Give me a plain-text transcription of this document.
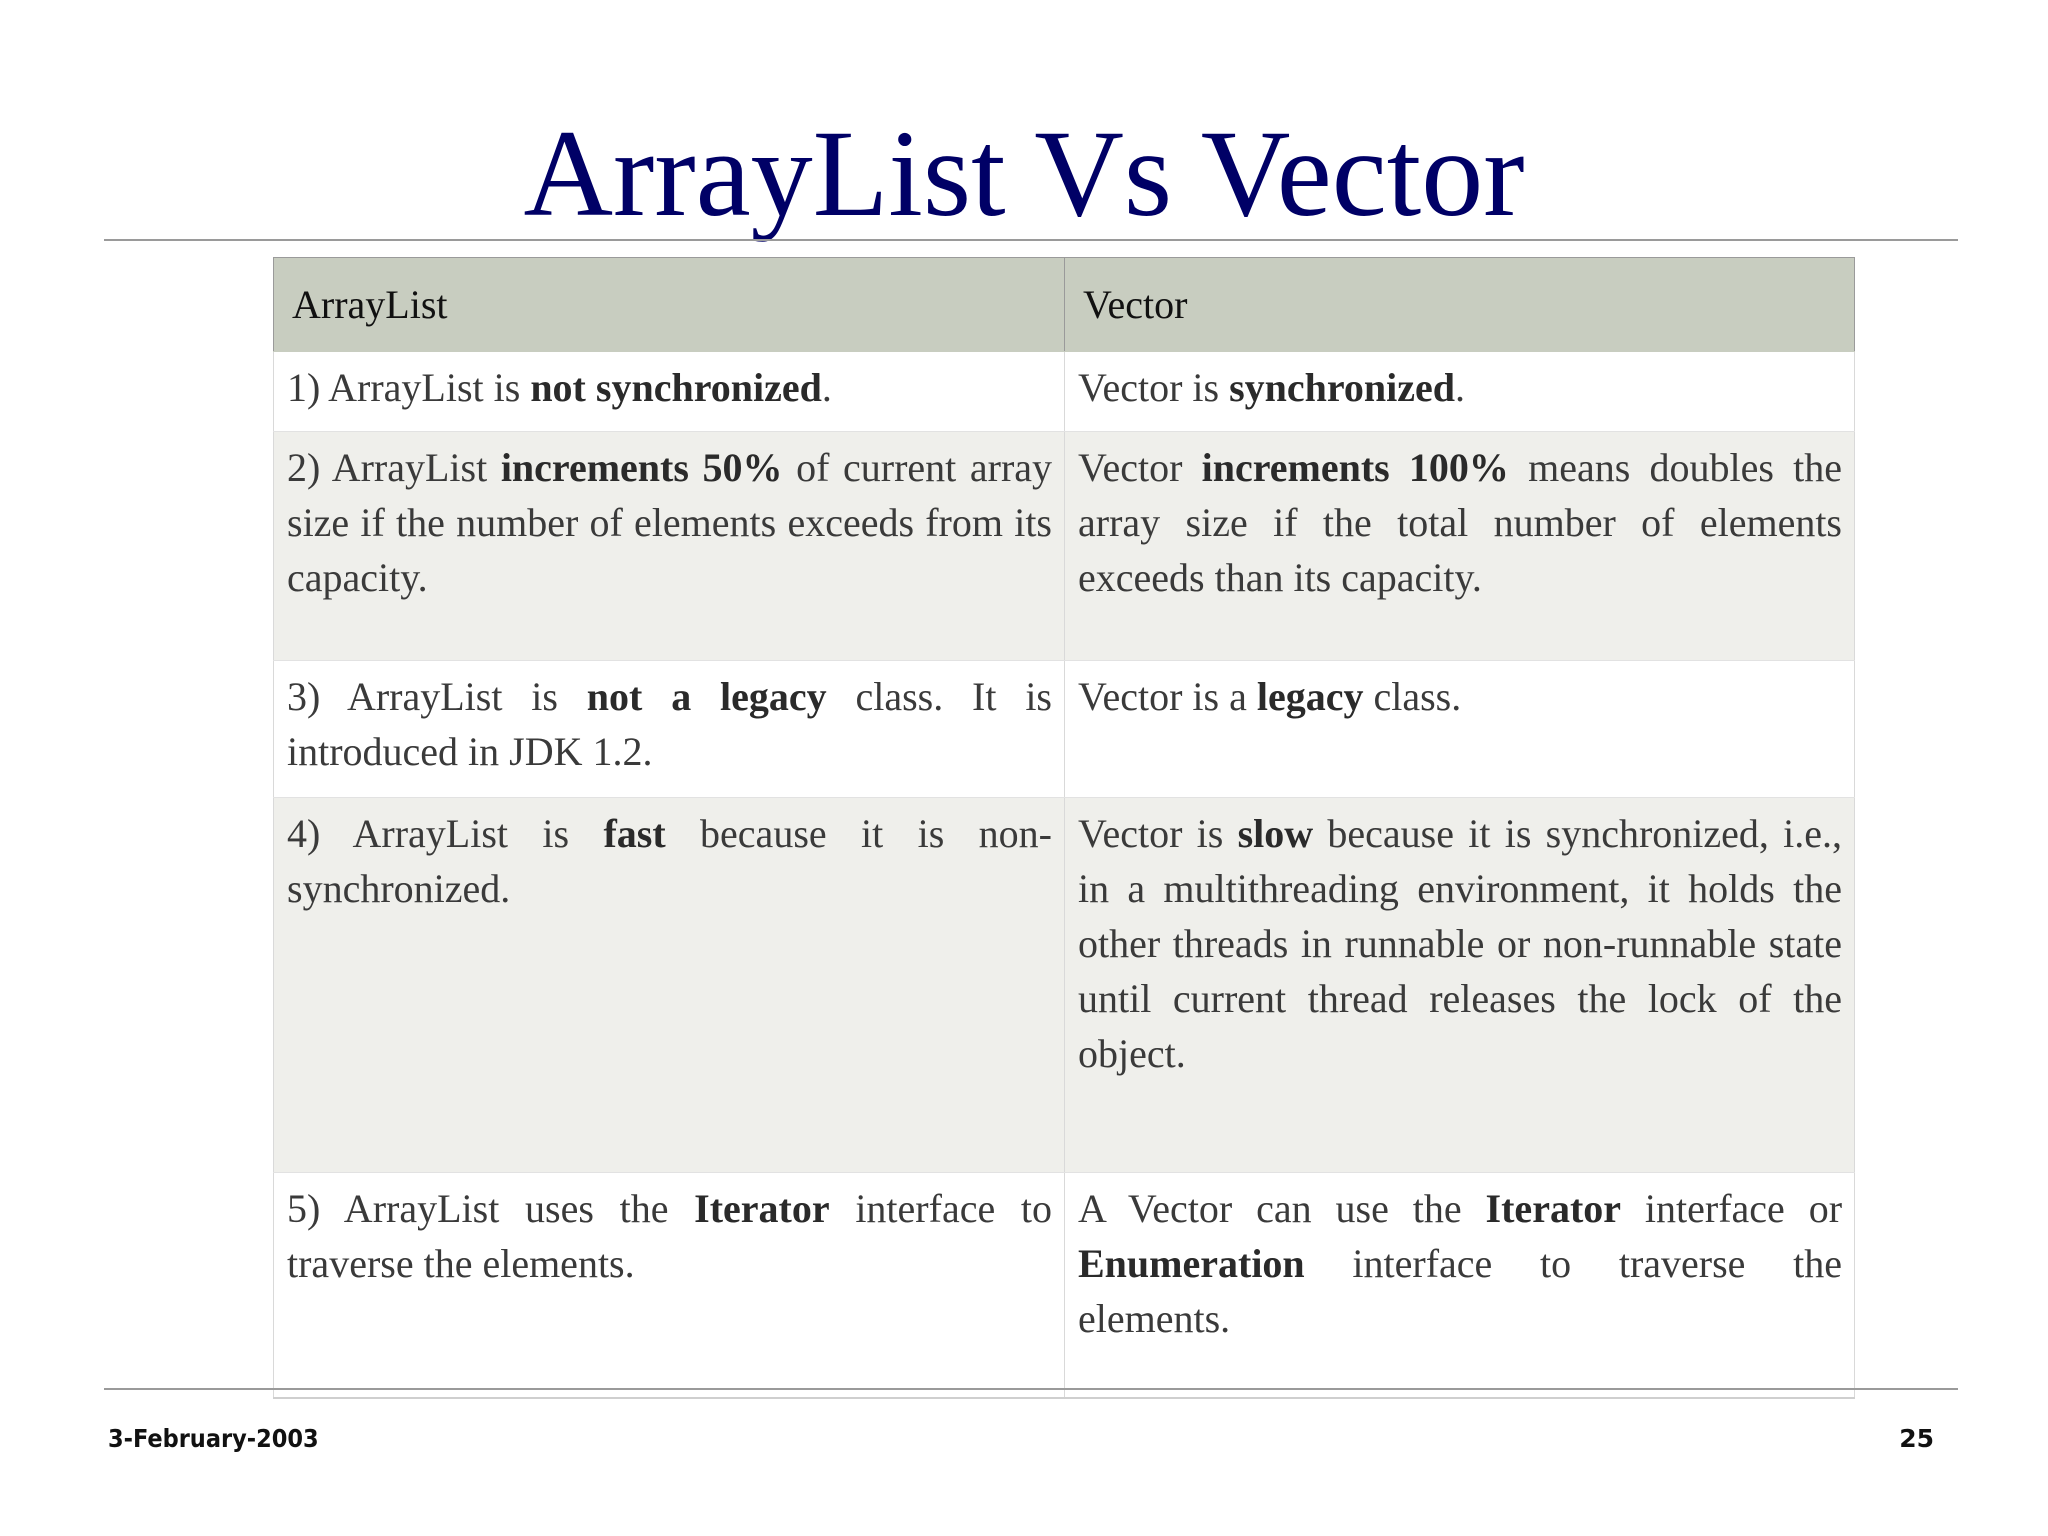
ArrayList Vs Vector
ArrayList	Vector
1) ArrayList is not synchronized.	Vector is synchronized.
2) ArrayList increments 50% of current array size if the number of elements exceeds from its capacity.	Vector increments 100% means doubles the array size if the total number of elements exceeds than its capacity.
3) ArrayList is not a legacy class. It is introduced in JDK 1.2.	Vector is a legacy class.
4) ArrayList is fast because it is non-synchronized.	Vector is slow because it is synchronized, i.e., in a multithreading environment, it holds the other threads in runnable or non-runnable state until current thread releases the lock of the object.
5) ArrayList uses the Iterator interface to traverse the elements.	A Vector can use the Iterator interface or Enumeration interface to traverse the elements.
3-February-2003	25
